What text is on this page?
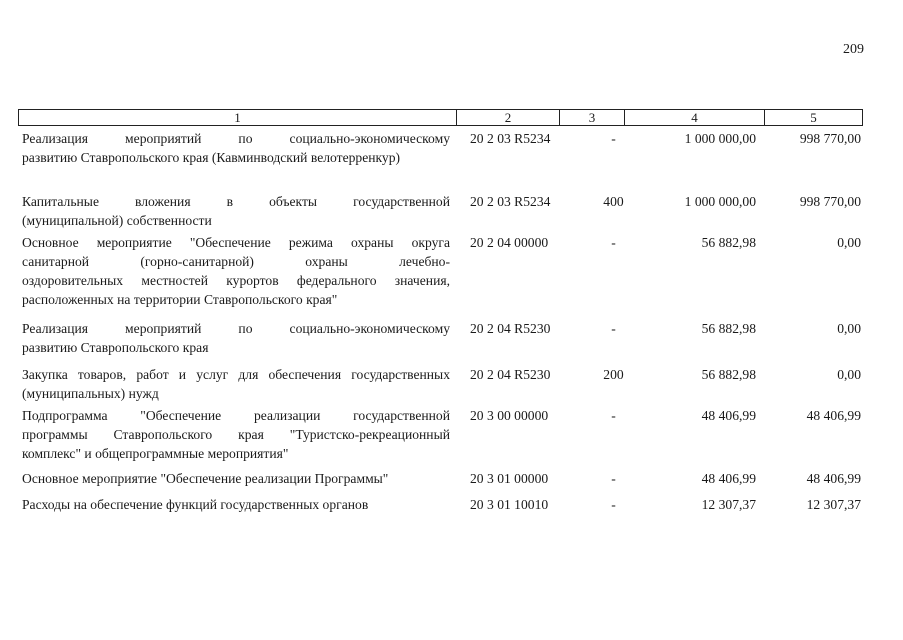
209
1	2	3	4	5
Реализация мероприятий по социально-экономическому
развитию Ставропольского края (Кавминводский велотерренкур)
20 2 03 R5234	-	1 000 000,00	998 770,00
Капитальные вложения в объекты государственной
(муниципальной) собственности
20 2 03 R5234	400	1 000 000,00	998 770,00
Основное мероприятие "Обеспечение режима охраны округа
санитарной (горно-санитарной) охраны лечебно-
оздоровительных местностей курортов федерального значения,
расположенных на территории Ставропольского края"
20 2 04 00000	-	56 882,98	0,00
Реализация мероприятий по социально-экономическому
развитию Ставропольского края
20 2 04 R5230	-	56 882,98	0,00
Закупка товаров, работ и услуг для обеспечения государственных
(муниципальных) нужд
20 2 04 R5230	200	56 882,98	0,00
Подпрограмма "Обеспечение реализации государственной
программы Ставропольского края "Туристско-рекреационный
комплекс" и общепрограммные мероприятия"
20 3 00 00000	-	48 406,99	48 406,99
Основное мероприятие "Обеспечение реализации Программы"	20 3 01 00000	-	48 406,99	48 406,99
Расходы на обеспечение функций государственных органов	20 3 01 10010	-	12 307,37	12 307,37
